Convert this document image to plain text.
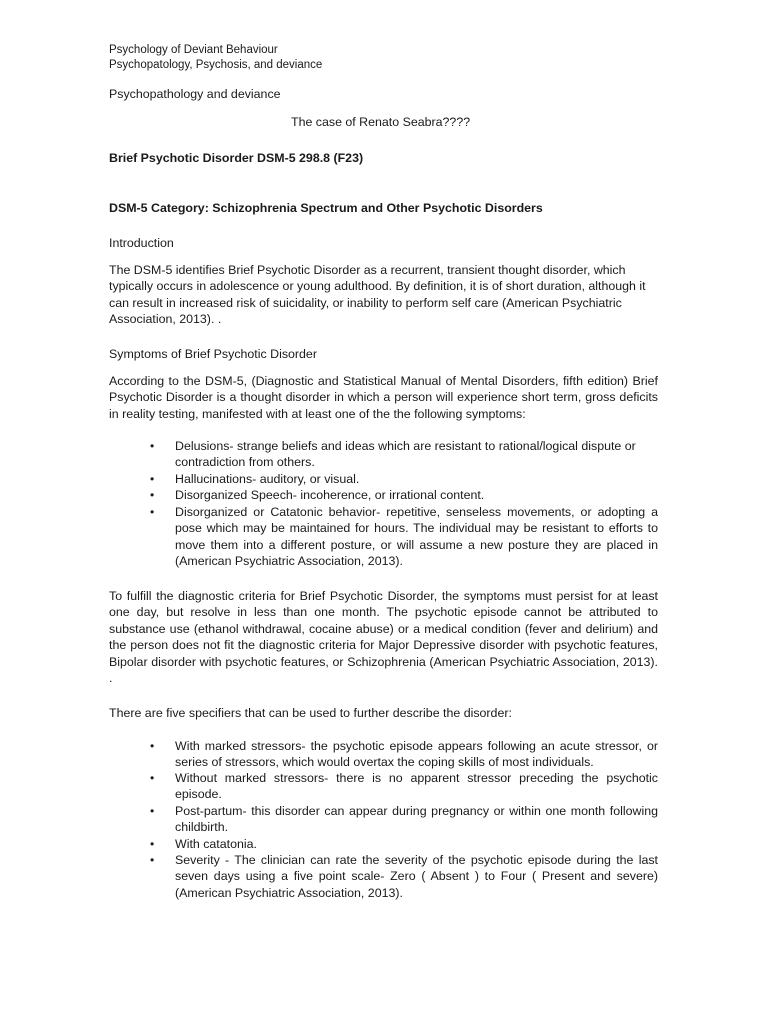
Psychology of Deviant Behaviour
Psychopatology, Psychosis, and deviance
Psychopathology and deviance
The case of Renato Seabra????
Brief Psychotic Disorder DSM-5 298.8 (F23)
DSM-5 Category: Schizophrenia Spectrum and Other Psychotic Disorders
Introduction

The DSM-5 identifies Brief Psychotic Disorder as a recurrent, transient thought disorder, which typically occurs in adolescence or young adulthood. By definition, it is of short duration, although it can result in increased risk of suicidality, or inability to perform self care (American Psychiatric Association, 2013). .

Symptoms of Brief Psychotic Disorder

According to the DSM-5, (Diagnostic and Statistical Manual of Mental Disorders, fifth edition) Brief Psychotic Disorder is a thought disorder in which a person will experience short term, gross deficits in reality testing, manifested with at least one of the the following symptoms:

• Delusions- strange beliefs and ideas which are resistant to rational/logical dispute or contradiction from others.

• Hallucinations- auditory, or visual.

• Disorganized Speech- incoherence, or irrational content.

• Disorganized or Catatonic behavior- repetitive, senseless movements, or adopting a pose which may be maintained for hours. The individual may be resistant to efforts to move them into a different posture, or will assume a new posture they are placed in (American Psychiatric Association, 2013).

To fulfill the diagnostic criteria for Brief Psychotic Disorder, the symptoms must persist for at least one day, but resolve in less than one month. The psychotic episode cannot be attributed to substance use (ethanol withdrawal, cocaine abuse) or a medical condition (fever and delirium) and the person does not fit the diagnostic criteria for Major Depressive disorder with psychotic features, Bipolar disorder with psychotic features, or Schizophrenia (American Psychiatric Association, 2013). .

There are five specifiers that can be used to further describe the disorder:
• With marked stressors- the psychotic episode appears following an acute stressor, or series of stressors, which would overtax the coping skills of most individuals.

• Without marked stressors- there is no apparent stressor preceding the psychotic episode.

• Post-partum- this disorder can appear during pregnancy or within one month following childbirth.

• With catatonia.

• Severity - The clinician can rate the severity of the psychotic episode during the last seven days using a five point scale- Zero ( Absent ) to Four ( Present and severe) (American Psychiatric Association, 2013).
